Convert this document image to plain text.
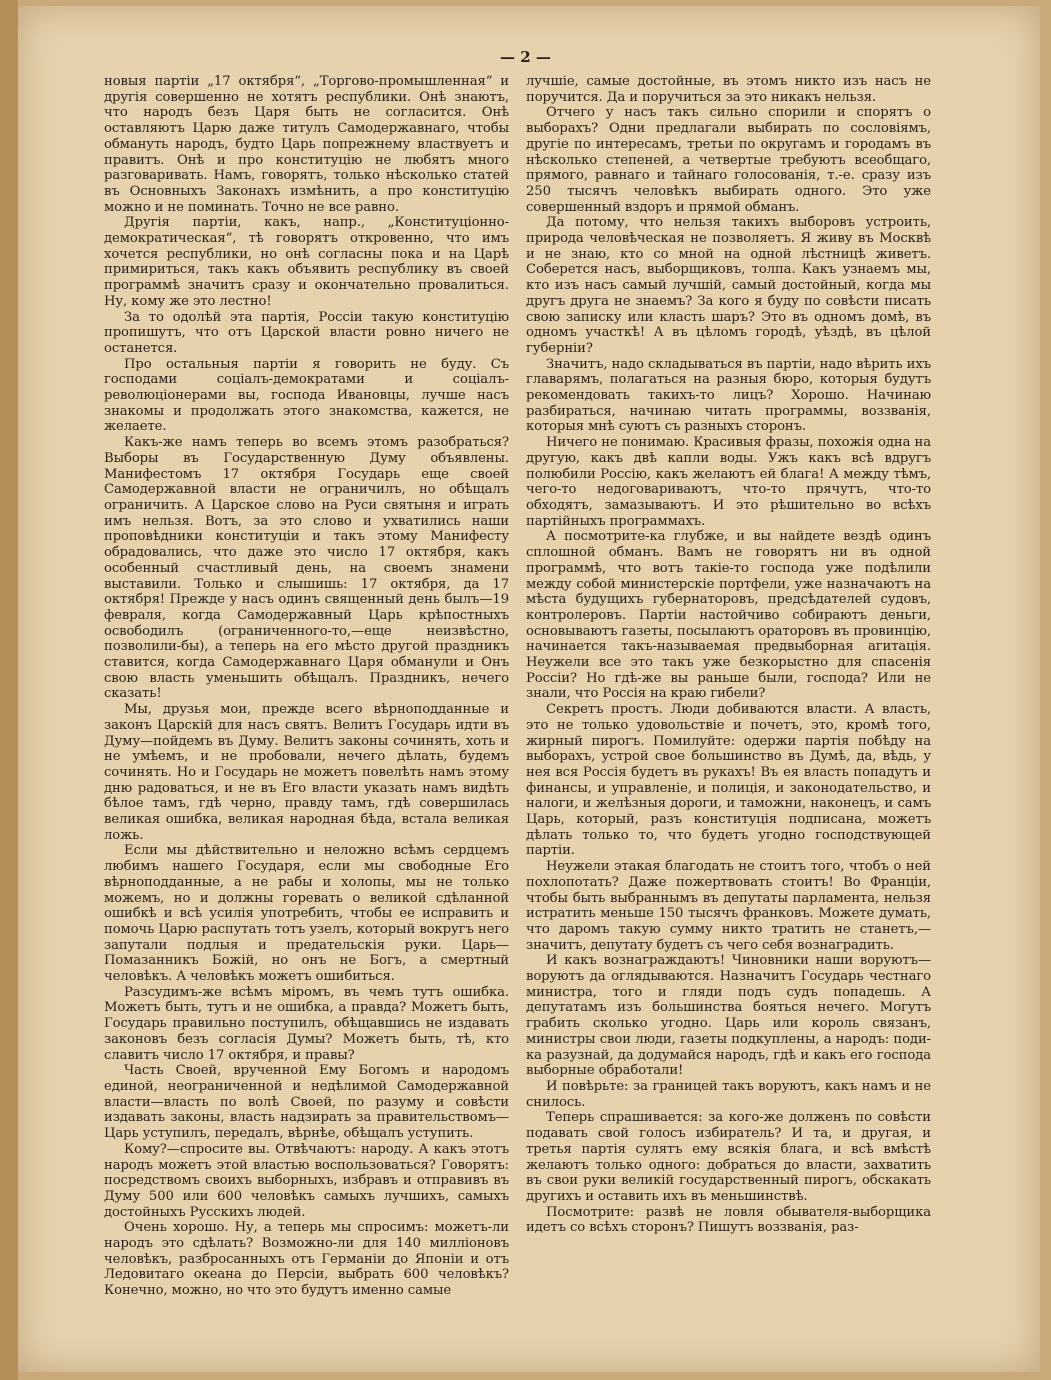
— 2 —

новыя партіи „17 октября“, „Торгово-промышленная“ и другія совершенно не хотятъ республики. Онѣ знаютъ, что народъ безъ Царя быть не согласится. Онѣ оставляютъ Царю даже титулъ Самодержавнаго, чтобы обмануть народъ, будто Царь попрежнему властвуетъ и правитъ. Онѣ и про конституцію не любятъ много разговаривать. Намъ, говорятъ, только нѣсколько статей въ Основныхъ Законахъ измѣнить, а про конституцію можно и не поминать. Точно не все равно.

Другія партіи, какъ, напр., „Конституціонно-демократическая“, тѣ говорятъ откровенно, что имъ хочется республики, но онѣ согласны пока и на Царѣ примириться, такъ какъ объявить республику въ своей программѣ значитъ сразу и окончательно провалиться. Ну, кому же это лестно!

За то одолѣй эта партія, Россіи такую конституцію пропишутъ, что отъ Царской власти ровно ничего не останется.

Про остальныя партіи я говорить не буду. Съ господами соціалъ-демократами и соціалъ-революціонерами вы, господа Ивановцы, лучше насъ знакомы и продолжать этого знакомства, кажется, не желаете.

Какъ-же намъ теперь во всемъ этомъ разобраться? Выборы въ Государственную Думу объявлены. Манифестомъ 17 октября Государь еще своей Самодержавной власти не ограничилъ, но обѣщалъ ограничить. А Царское слово на Руси святыня и играть имъ нельзя. Вотъ, за это слово и ухватились наши проповѣдники конституціи и такъ этому Манифесту обрадовались, что даже это число 17 октября, какъ особенный счастливый день, на своемъ знамени выставили. Только и слышишь: 17 октября, да 17 октября! Прежде у насъ одинъ священный день былъ—19 февраля, когда Самодержавный Царь крѣпостныхъ освободилъ (ограниченного-то,—еще неизвѣстно, позволили-бы), а теперь на его мѣсто другой праздникъ ставится, когда Самодержавнаго Царя обманули и Онъ свою власть уменьшить обѣщалъ. Праздникъ, нечего сказать!

Мы, друзья мои, прежде всего вѣрноподданные и законъ Царскій для насъ святъ. Велитъ Государь идти въ Думу—пойдемъ въ Думу. Велитъ законы сочинять, хоть и не умѣемъ, и не пробовали, нечего дѣлать, будемъ сочинять. Но и Государь не можетъ повелѣть намъ этому дню радоваться, и не въ Его власти указать намъ видѣть бѣлое тамъ, гдѣ черно, правду тамъ, гдѣ совершилась великая ошибка, великая народная бѣда, встала великая ложь.

Если мы дѣйствительно и неложно всѣмъ сердцемъ любимъ нашего Государя, если мы свободные Его вѣрноподданные, а не рабы и холопы, мы не только можемъ, но и должны горевать о великой сдѣланной ошибкѣ и всѣ усилія употребить, чтобы ее исправить и помочь Царю распутать тотъ узелъ, который вокругъ него запутали подлыя и предательскія руки. Царь—Помазанникъ Божій, но онъ не Богъ, а смертный человѣкъ. А человѣкъ можетъ ошибиться.

Разсудимъ-же всѣмъ міромъ, въ чемъ тутъ ошибка. Можетъ быть, тутъ и не ошибка, а правда? Можетъ быть, Государь правильно поступилъ, обѣщавшись не издавать законовъ безъ согласія Думы? Можетъ быть, тѣ, кто славитъ число 17 октября, и правы?

Часть Своей, врученной Ему Богомъ и народомъ единой, неограниченной и недѣлимой Самодержавной власти—власть по волѣ Своей, по разуму и совѣсти издавать законы, власть надзирать за правительствомъ—Царь уступилъ, передалъ, вѣрнѣе, обѣщалъ уступить.

Кому?—спросите вы. Отвѣчаютъ: народу. А какъ этотъ народъ можетъ этой властью воспользоваться? Говорятъ: посредствомъ своихъ выборныхъ, избравъ и отправивъ въ Думу 500 или 600 человѣкъ самыхъ лучшихъ, самыхъ достойныхъ Русскихъ людей.

Очень хорошо. Ну, а теперь мы спросимъ: можетъ-ли народъ это сдѣлать? Возможно-ли для 140 милліоновъ человѣкъ, разбросанныхъ отъ Германіи до Японіи и отъ Ледовитаго океана до Персіи, выбрать 600 человѣкъ? Конечно, можно, но что это будутъ именно самые

лучшіе, самые достойные, въ этомъ никто изъ насъ не поручится. Да и поручиться за это никакъ нельзя.

Отчего у насъ такъ сильно спорили и спорятъ о выборахъ? Одни предлагали выбирать по сословіямъ, другіе по интересамъ, третьи по округамъ и городамъ въ нѣсколько степеней, а четвертые требуютъ всеобщаго, прямого, равнаго и тайнаго голосованія, т.-е. сразу изъ 250 тысячъ человѣкъ выбирать одного. Это уже совершенный вздоръ и прямой обманъ.

Да потому, что нельзя такихъ выборовъ устроить, природа человѣческая не позволяетъ. Я живу въ Москвѣ и не знаю, кто со мной на одной лѣстницѣ живетъ. Соберется насъ, выборщиковъ, толпа. Какъ узнаемъ мы, кто изъ насъ самый лучшій, самый достойный, когда мы другъ друга не знаемъ? За кого я буду по совѣсти писать свою записку или класть шаръ? Это въ одномъ домѣ, въ одномъ участкѣ! А въ цѣломъ городѣ, уѣздѣ, въ цѣлой губерніи?

Значитъ, надо складываться въ партіи, надо вѣрить ихъ главарямъ, полагаться на разныя бюро, которыя будутъ рекомендовать такихъ-то лицъ? Хорошо. Начинаю разбираться, начинаю читать программы, воззванія, которыя мнѣ суютъ съ разныхъ сторонъ.

Ничего не понимаю. Красивыя фразы, похожія одна на другую, какъ двѣ капли воды. Ужъ какъ всѣ вдругъ полюбили Россію, какъ желаютъ ей блага! А между тѣмъ, чего-то недоговариваютъ, что-то прячутъ, что-то обходятъ, замазываютъ. И это рѣшительно во всѣхъ партійныхъ программахъ.

А посмотрите-ка глубже, и вы найдете вездѣ одинъ сплошной обманъ. Вамъ не говорятъ ни въ одной программѣ, что вотъ такіе-то господа уже подѣлили между собой министерскіе портфели, уже назначаютъ на мѣста будущихъ губернаторовъ, предсѣдателей судовъ, контролеровъ. Партіи настойчиво собираютъ деньги, основываютъ газеты, посылаютъ ораторовъ въ провинцію, начинается такъ-называемая предвыборная агитація. Неужели все это такъ уже безкорыстно для спасенія Россіи? Но гдѣ-же вы раньше были, господа? Или не знали, что Россія на краю гибели?

Секретъ простъ. Люди добиваются власти. А власть, это не только удовольствіе и почетъ, это, кромѣ того, жирный пирогъ. Помилуйте: одержи партія побѣду на выборахъ, устрой свое большинство въ Думѣ, да, вѣдь, у нея вся Россія будетъ въ рукахъ! Въ ея власть попадутъ и финансы, и управленіе, и полиція, и законодательство, и налоги, и желѣзныя дороги, и таможни, наконецъ, и самъ Царь, который, разъ конституція подписана, можетъ дѣлать только то, что будетъ угодно господствующей партіи.

Неужели этакая благодать не стоитъ того, чтобъ о ней похлопотать? Даже пожертвовать стоитъ! Во Франціи, чтобы быть выбраннымъ въ депутаты парламента, нельзя истратить меньше 150 тысячъ франковъ. Можете думать, что даромъ такую сумму никто тратить не станетъ,—значитъ, депутату будетъ съ чего себя вознаградить.

И какъ вознаграждаютъ! Чиновники наши воруютъ—воруютъ да оглядываются. Назначитъ Государь честнаго министра, того и гляди подъ судъ попадешь. А депутатамъ изъ большинства бояться нечего. Могутъ грабить сколько угодно. Царь или король связанъ, министры свои люди, газеты подкуплены, а народъ: поди-ка разузнай, да додумайся народъ, гдѣ и какъ его господа выборные обработали!

И повѣрьте: за границей такъ воруютъ, какъ намъ и не снилось.

Теперь спрашивается: за кого-же долженъ по совѣсти подавать свой голосъ избиратель? И та, и другая, и третья партія сулятъ ему всякія блага, и всѣ вмѣстѣ желаютъ только одного: добраться до власти, захватить въ свои руки великій государственный пирогъ, обскакать другихъ и оставить ихъ въ меньшинствѣ.

Посмотрите: развѣ не ловля обывателя-выборщика идетъ со всѣхъ сторонъ? Пишутъ воззванія, раз-
